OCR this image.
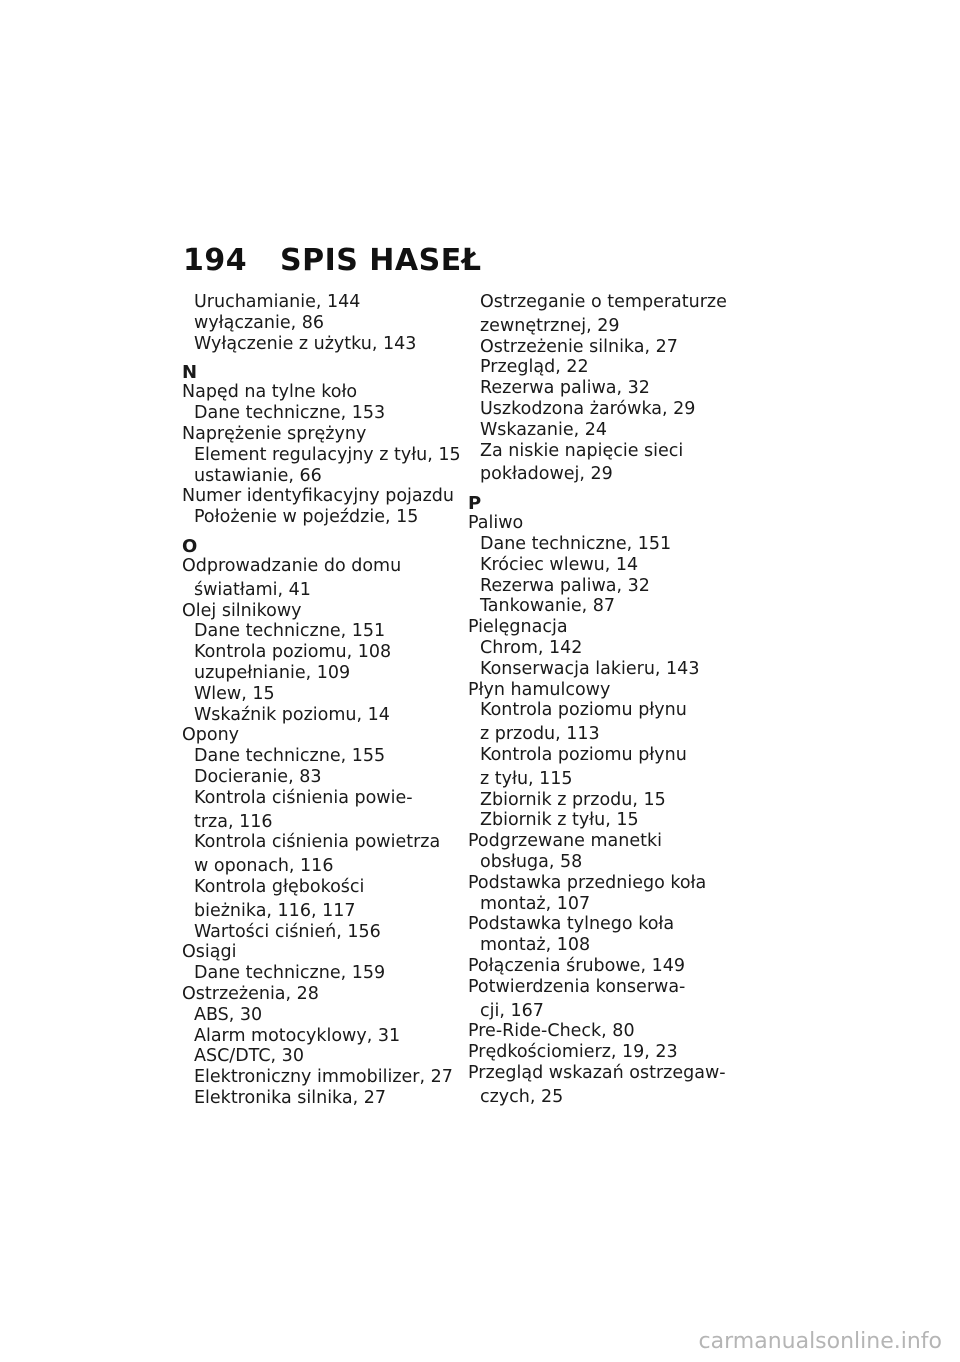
194 SPIS HASEŁ
Uruchamianie, 144
wyłączanie, 86
Wyłączenie z użytku, 143
N
Napęd na tylne koło
Dane techniczne, 153
Naprężenie sprężyny
Element regulacyjny z tyłu, 15
ustawianie, 66
Numer identyfikacyjny pojazdu
Położenie w pojeździe, 15
O
Odprowadzanie do domu
światłami, 41
Olej silnikowy
Dane techniczne, 151
Kontrola poziomu, 108
uzupełnianie, 109
Wlew, 15
Wskaźnik poziomu, 14
Opony
Dane techniczne, 155
Docieranie, 83
Kontrola ciśnienia powie-
trza, 116
Kontrola ciśnienia powietrza
w oponach, 116
Kontrola głębokości
bieżnika, 116, 117
Wartości ciśnień, 156
Osiągi
Dane techniczne, 159
Ostrzeżenia, 28
ABS, 30
Alarm motocyklowy, 31
ASC/DTC, 30
Elektroniczny immobilizer, 27
Elektronika silnika, 27
Ostrzeganie o temperaturze
zewnętrznej, 29
Ostrzeżenie silnika, 27
Przegląd, 22
Rezerwa paliwa, 32
Uszkodzona żarówka, 29
Wskazanie, 24
Za niskie napięcie sieci
pokładowej, 29
P
Paliwo
Dane techniczne, 151
Króciec wlewu, 14
Rezerwa paliwa, 32
Tankowanie, 87
Pielęgnacja
Chrom, 142
Konserwacja lakieru, 143
Płyn hamulcowy
Kontrola poziomu płynu
z przodu, 113
Kontrola poziomu płynu
z tyłu, 115
Zbiornik z przodu, 15
Zbiornik z tyłu, 15
Podgrzewane manetki
obsługa, 58
Podstawka przedniego koła
montaż, 107
Podstawka tylnego koła
montaż, 108
Połączenia śrubowe, 149
Potwierdzenia konserwa-
cji, 167
Pre-Ride-Check, 80
Prędkościomierz, 19, 23
Przegląd wskazań ostrzegaw-
czych, 25
carmanualsonline.info
